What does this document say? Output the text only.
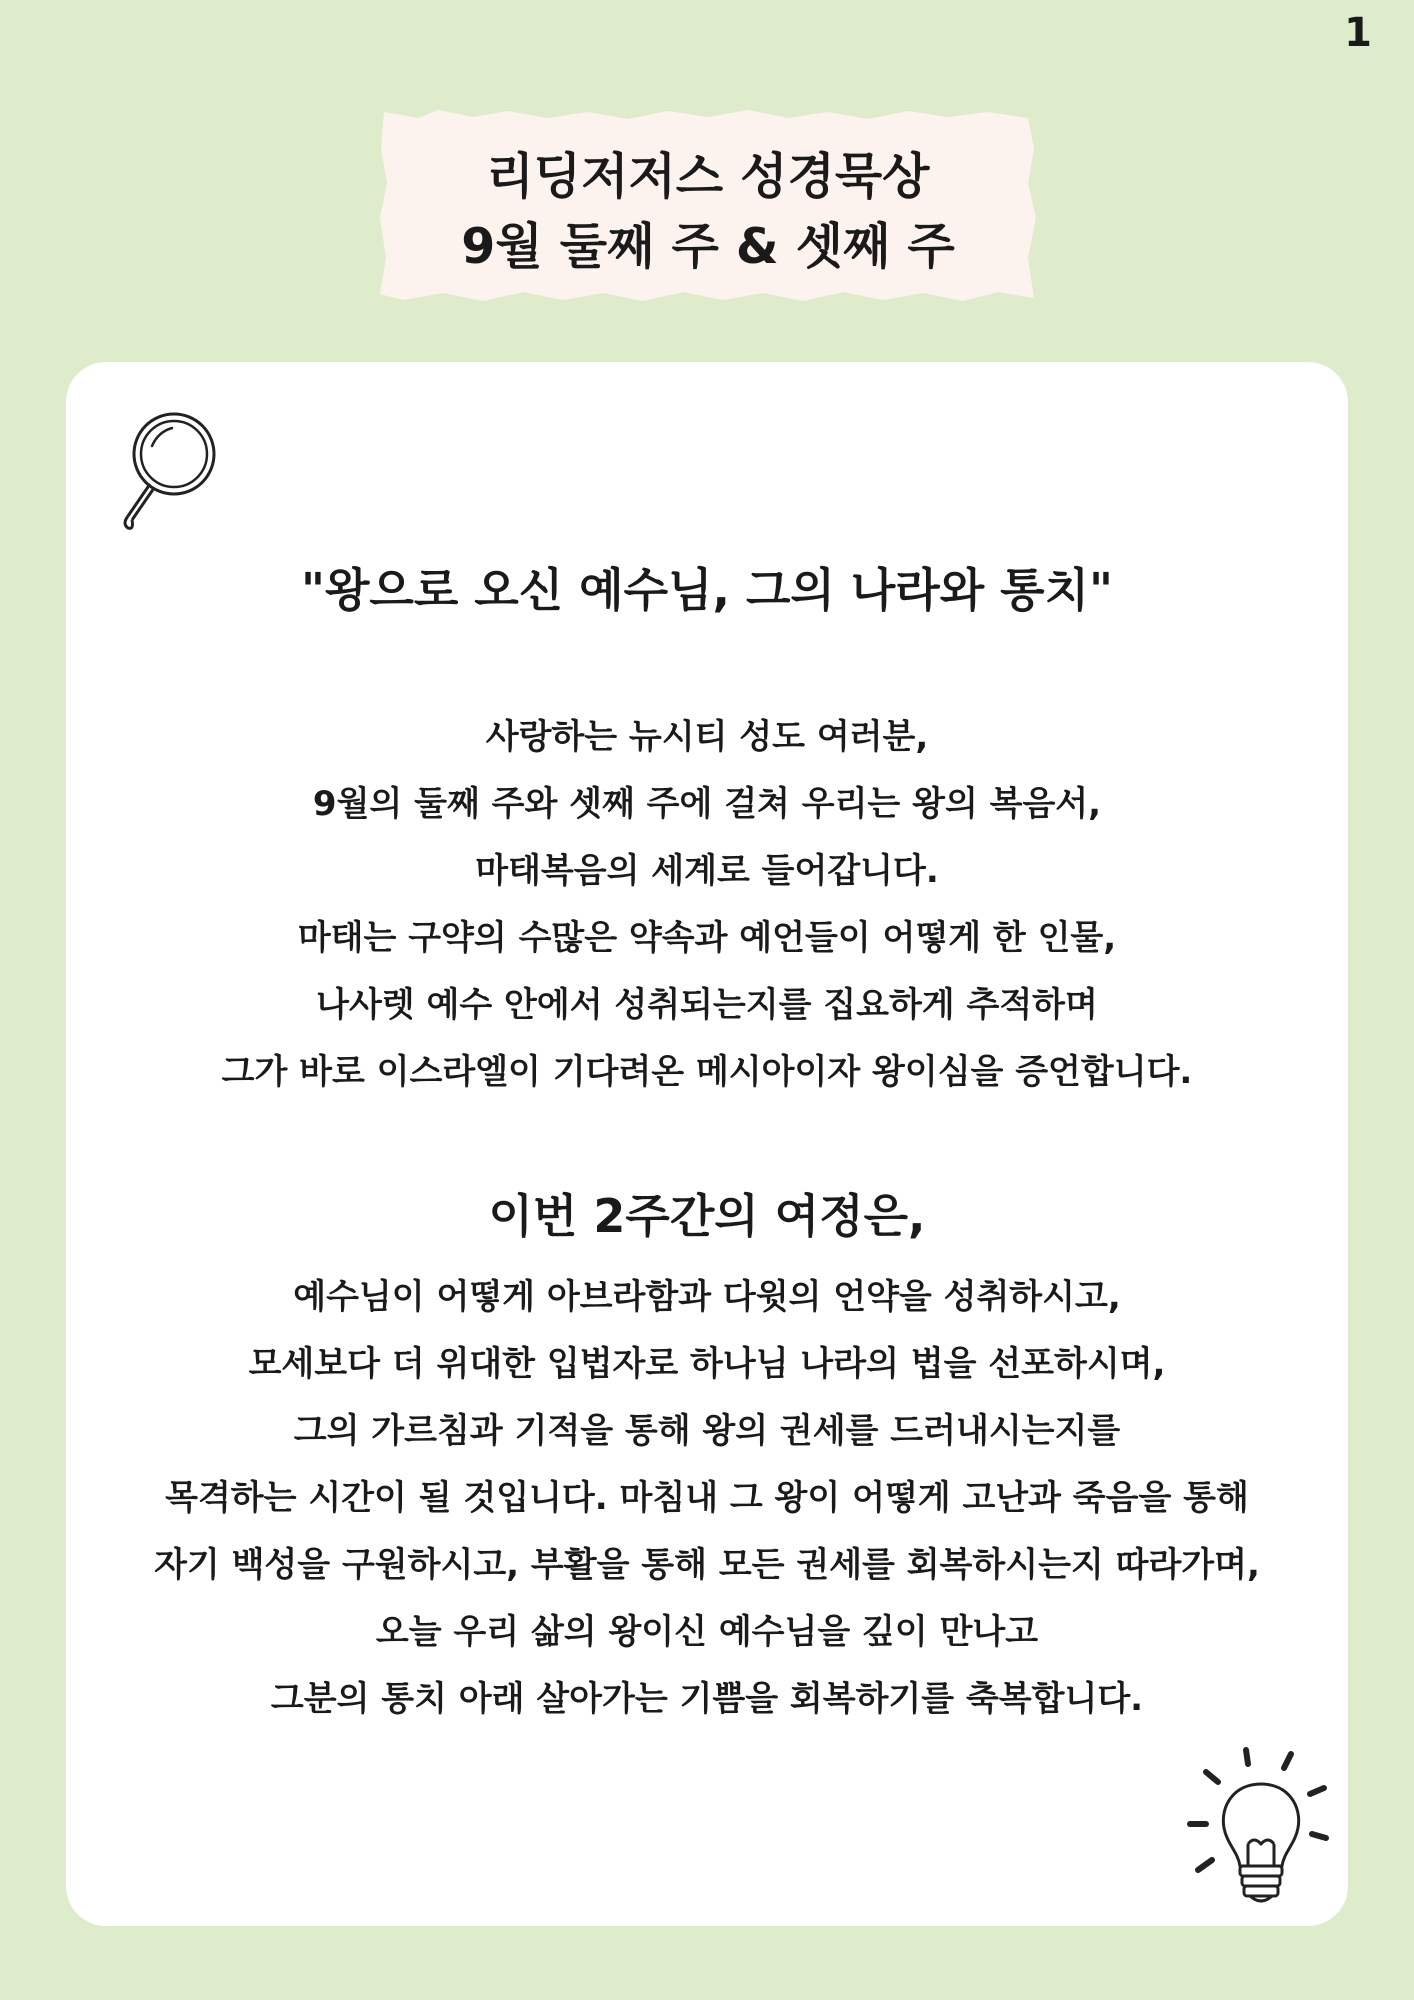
1
리딩저저스 성경묵상
9월 둘째 주 & 셋째 주
"왕으로 오신 예수님, 그의 나라와 통치"
사랑하는 뉴시티 성도 여러분,
9월의 둘째 주와 셋째 주에 걸쳐 우리는 왕의 복음서,
마태복음의 세계로 들어갑니다.
마태는 구약의 수많은 약속과 예언들이 어떻게 한 인물,
나사렛 예수 안에서 성취되는지를 집요하게 추적하며
그가 바로 이스라엘이 기다려온 메시아이자 왕이심을 증언합니다.
이번 2주간의 여정은,
예수님이 어떻게 아브라함과 다윗의 언약을 성취하시고,
모세보다 더 위대한 입법자로 하나님 나라의 법을 선포하시며,
그의 가르침과 기적을 통해 왕의 권세를 드러내시는지를
목격하는 시간이 될 것입니다. 마침내 그 왕이 어떻게 고난과 죽음을 통해
자기 백성을 구원하시고, 부활을 통해 모든 권세를 회복하시는지 따라가며,
오늘 우리 삶의 왕이신 예수님을 깊이 만나고
그분의 통치 아래 살아가는 기쁨을 회복하기를 축복합니다.
